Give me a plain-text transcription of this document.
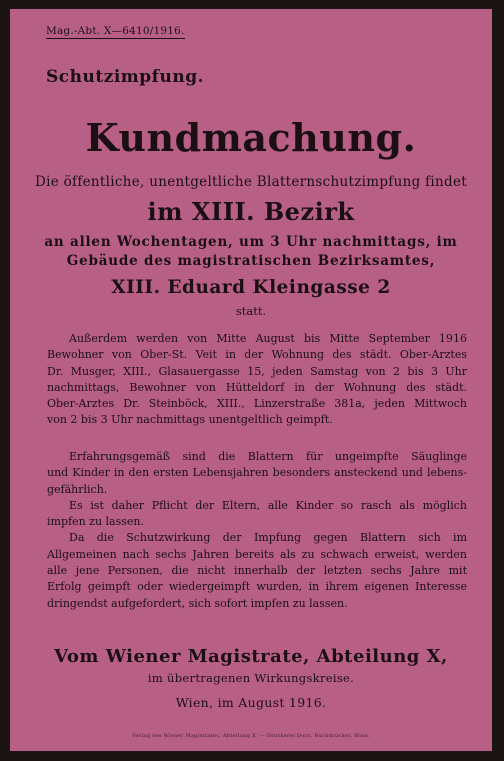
Mag.-Abt. X—6410/1916.
Schutzimpfung.
Kundmachung.
Die öffentliche, unentgeltliche Blatternschutzimpfung findet
im XIII. Bezirk
an allen Wochentagen, um 3 Uhr nachmittags, im
Gebäude des magistratischen Bezirksamtes,
XIII. Eduard Kleingasse 2
statt.
Außerdem werden von Mitte August bis Mitte September 1916
Bewohner von Ober-St. Veit in der Wohnung des städt. Ober-Arztes
Dr. Musger, XIII., Glasauergasse 15, jeden Samstag von 2 bis 3 Uhr
nachmittags, Bewohner von Hütteldorf in der Wohnung des städt.
Ober-Arztes Dr. Steinböck, XIII., Linzerstraße 381a, jeden Mittwoch
von 2 bis 3 Uhr nachmittags unentgeltlich geimpft.
Erfahrungsgemäß sind die Blattern für ungeimpfte Säuglinge
und Kinder in den ersten Lebensjahren besonders ansteckend und lebens-
gefährlich.
Es ist daher Pflicht der Eltern, alle Kinder so rasch als möglich
impfen zu lassen.
Da die Schutzwirkung der Impfung gegen Blattern sich im
Allgemeinen nach sechs Jahren bereits als zu schwach erweist, werden
alle jene Personen, die nicht innerhalb der letzten sechs Jahre mit
Erfolg geimpft oder wiedergeimpft wurden, in ihrem eigenen Interesse
dringendst aufgefordert, sich sofort impfen zu lassen.
Vom Wiener Magistrate, Abteilung X,
im übertragenen Wirkungskreise.
Wien, im August 1916.
Verlag des Wiener Magistrates, Abteilung X. — Druckerei Dorn, Buchdrucker, Wien.
